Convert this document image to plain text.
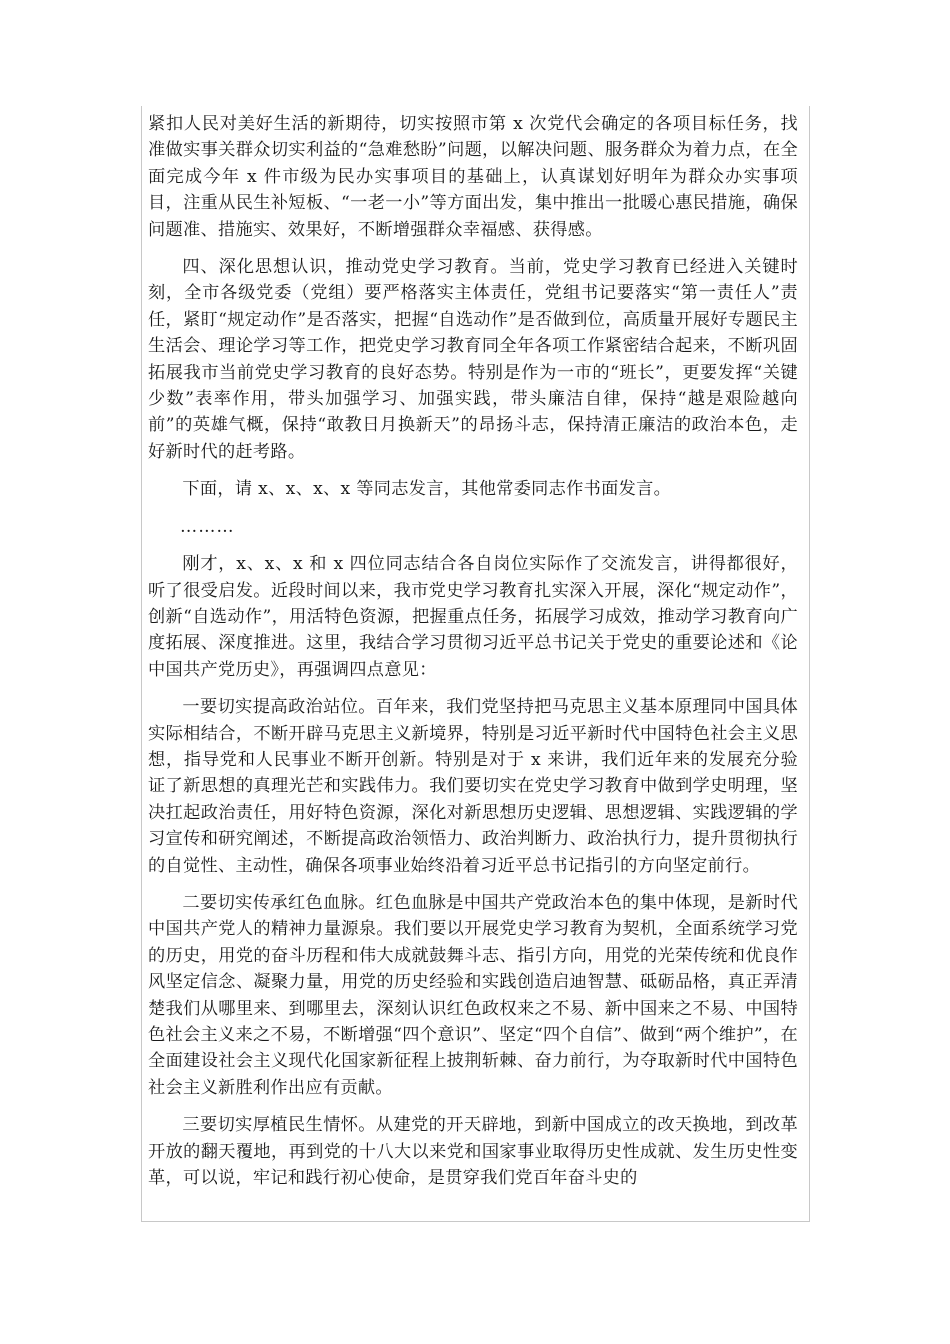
紧扣人民对美好生活的新期待，切实按照市第 x 次党代会确定的各项目标任务，找准做实事关群众切实利益的“急难愁盼”问题，以解决问题、服务群众为着力点，在全面完成今年 x 件市级为民办实事项目的基础上，认真谋划好明年为群众办实事项目，注重从民生补短板、“一老一小”等方面出发，集中推出一批暖心惠民措施，确保问题准、措施实、效果好，不断增强群众幸福感、获得感。

四、深化思想认识，推动党史学习教育。当前，党史学习教育已经进入关键时刻，全市各级党委（党组）要严格落实主体责任，党组书记要落实“第一责任人”责任，紧盯“规定动作”是否落实，把握“自选动作”是否做到位，高质量开展好专题民主生活会、理论学习等工作，把党史学习教育同全年各项工作紧密结合起来，不断巩固拓展我市当前党史学习教育的良好态势。特别是作为一市的“班长”，更要发挥“关键少数”表率作用，带头加强学习、加强实践，带头廉洁自律，保持“越是艰险越向前”的英雄气概，保持“敢教日月换新天”的昂扬斗志，保持清正廉洁的政治本色，走好新时代的赶考路。

下面，请 x、x、x、x 等同志发言，其他常委同志作书面发言。

………

刚才，x、x、x 和 x 四位同志结合各自岗位实际作了交流发言，讲得都很好，听了很受启发。近段时间以来，我市党史学习教育扎实深入开展，深化“规定动作”，创新“自选动作”，用活特色资源，把握重点任务，拓展学习成效，推动学习教育向广度拓展、深度推进。这里，我结合学习贯彻习近平总书记关于党史的重要论述和《论中国共产党历史》，再强调四点意见：

一要切实提高政治站位。百年来，我们党坚持把马克思主义基本原理同中国具体实际相结合，不断开辟马克思主义新境界，特别是习近平新时代中国特色社会主义思想，指导党和人民事业不断开创新。特别是对于 x 来讲，我们近年来的发展充分验证了新思想的真理光芒和实践伟力。我们要切实在党史学习教育中做到学史明理，坚决扛起政治责任，用好特色资源，深化对新思想历史逻辑、思想逻辑、实践逻辑的学习宣传和研究阐述，不断提高政治领悟力、政治判断力、政治执行力，提升贯彻执行的自觉性、主动性，确保各项事业始终沿着习近平总书记指引的方向坚定前行。

二要切实传承红色血脉。红色血脉是中国共产党政治本色的集中体现，是新时代中国共产党人的精神力量源泉。我们要以开展党史学习教育为契机，全面系统学习党的历史，用党的奋斗历程和伟大成就鼓舞斗志、指引方向，用党的光荣传统和优良作风坚定信念、凝聚力量，用党的历史经验和实践创造启迪智慧、砥砺品格，真正弄清楚我们从哪里来、到哪里去，深刻认识红色政权来之不易、新中国来之不易、中国特色社会主义来之不易，不断增强“四个意识”、坚定“四个自信”、做到“两个维护”，在全面建设社会主义现代化国家新征程上披荆斩棘、奋力前行，为夺取新时代中国特色社会主义新胜利作出应有贡献。

三要切实厚植民生情怀。从建党的开天辟地，到新中国成立的改天换地，到改革开放的翻天覆地，再到党的十八大以来党和国家事业取得历史性成就、发生历史性变革，可以说，牢记和践行初心使命，是贯穿我们党百年奋斗史的
